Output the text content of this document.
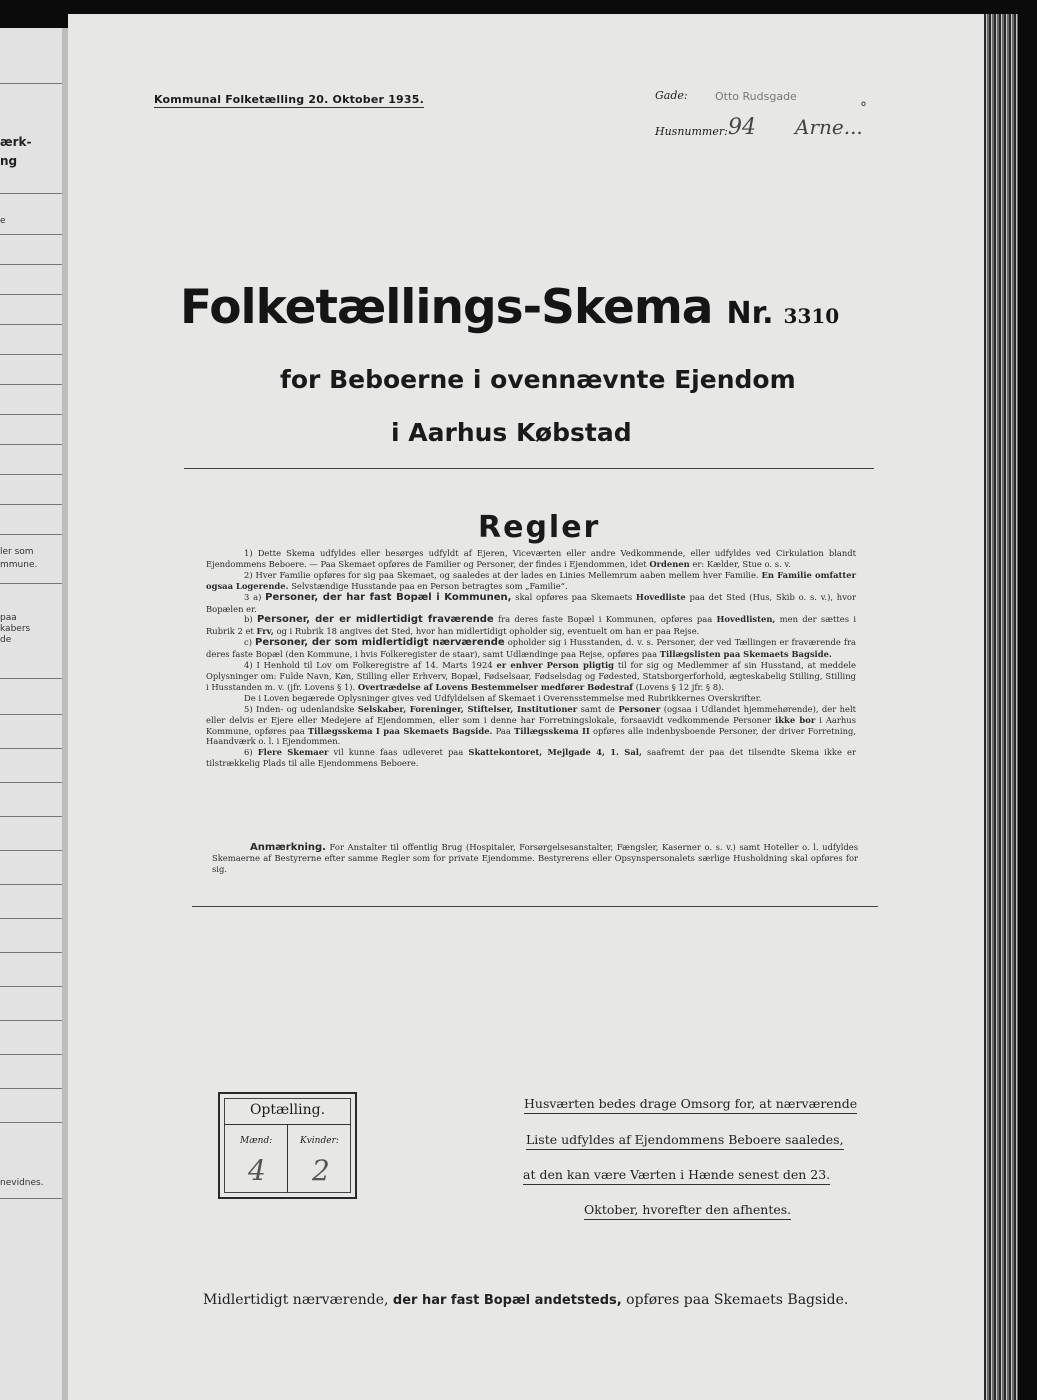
ærk-
ng
e
ler som
mmune.
paa
kabers
de
nevidnes.
Kommunal Folketælling 20. Oktober 1935.	Gade: Otto Rudsgade
Husnummer: 94 Arne...
°
Folketællings-Skema Nr. 3310
for Beboerne i ovennævnte Ejendom
i Aarhus Købstad
Regler

1) Dette Skema udfyldes eller besørges udfyldt af Ejeren, Viceværten eller andre Vedkommende, eller udfyldes ved Cirkulation blandt Ejendommens Beboere. — Paa Skemaet opføres de Familier og Personer, der findes i Ejendommen, idet Ordenen er: Kælder, Stue o. s. v.

2) Hver Familie opføres for sig paa Skemaet, og saaledes at der lades en Linies Mellemrum aaben mellem hver Familie. En Familie omfatter ogsaa Logerende. Selvstændige Husstande paa en Person betragtes som „Familie“.

3 a) Personer, der har fast Bopæl i Kommunen, skal opføres paa Skemaets Hovedliste paa det Sted (Hus, Skib o. s. v.), hvor Bopælen er.

b) Personer, der er midlertidigt fraværende fra deres faste Bopæl i Kommunen, opføres paa Hovedlisten, men der sættes i Rubrik 2 et Frv, og i Rubrik 18 angives det Sted, hvor han midlertidigt opholder sig, eventuelt om han er paa Rejse.

c) Personer, der som midlertidigt nærværende opholder sig i Husstanden, d. v. s. Personer, der ved Tællingen er fraværende fra deres faste Bopæl (den Kommune, i hvis Folkeregister de staar), samt Udlændinge paa Rejse, opføres paa Tillægslisten paa Skemaets Bagside.

4) I Henhold til Lov om Folkeregistre af 14. Marts 1924 er enhver Person pligtig til for sig og Medlemmer af sin Husstand, at meddele Oplysninger om: Fulde Navn, Køn, Stilling eller Erhverv, Bopæl, Fødselsaar, Fødselsdag og Fødested, Statsborgerforhold, ægteskabelig Stilling, Stilling i Husstanden m. v. (jfr. Lovens § 1). Overtrædelse af Lovens Bestemmelser medfører Bødestraf (Lovens § 12 jfr. § 8).

De i Loven begærede Oplysninger gives ved Udfyldelsen af Skemaet i Overensstemmelse med Rubrikkernes Overskrifter.

5) Inden- og udenlandske Selskaber, Foreninger, Stiftelser, Institutioner samt de Personer (ogsaa i Udlandet hjemmehørende), der helt eller delvis er Ejere eller Medejere af Ejendommen, eller som i denne har Forretningslokale, forsaavidt vedkommende Personer ikke bor i Aarhus Kommune, opføres paa Tillægsskema I paa Skemaets Bagside. Paa Tillægsskema II opføres alle indenbysboende Personer, der driver Forretning, Haandværk o. l. i Ejendommen.

6) Flere Skemaer vil kunne faas udleveret paa Skattekontoret, Mejlgade 4, 1. Sal, saafremt der paa det tilsendte Skema ikke er tilstrækkelig Plads til alle Ejendommens Beboere.

Anmærkning. For Anstalter til offentlig Brug (Hospitaler, Forsørgelsesanstalter, Fængsler, Kaserner o. s. v.) samt Hoteller o. l. udfyldes Skemaerne af Bestyrerne efter samme Regler som for private Ejendomme. Bestyrerens eller Opsynspersonalets særlige Husholdning skal opføres for sig.

Optælling.
Mænd:	Kvinder:
4 2
Husværten bedes drage Omsorg for, at nærværende
Liste udfyldes af Ejendommens Beboere saaledes,
at den kan være Værten i Hænde senest den 23.
Oktober, hvorefter den afhentes.
Midlertidigt nærværende, der har fast Bopæl andetsteds, opføres paa Skemaets Bagside.
